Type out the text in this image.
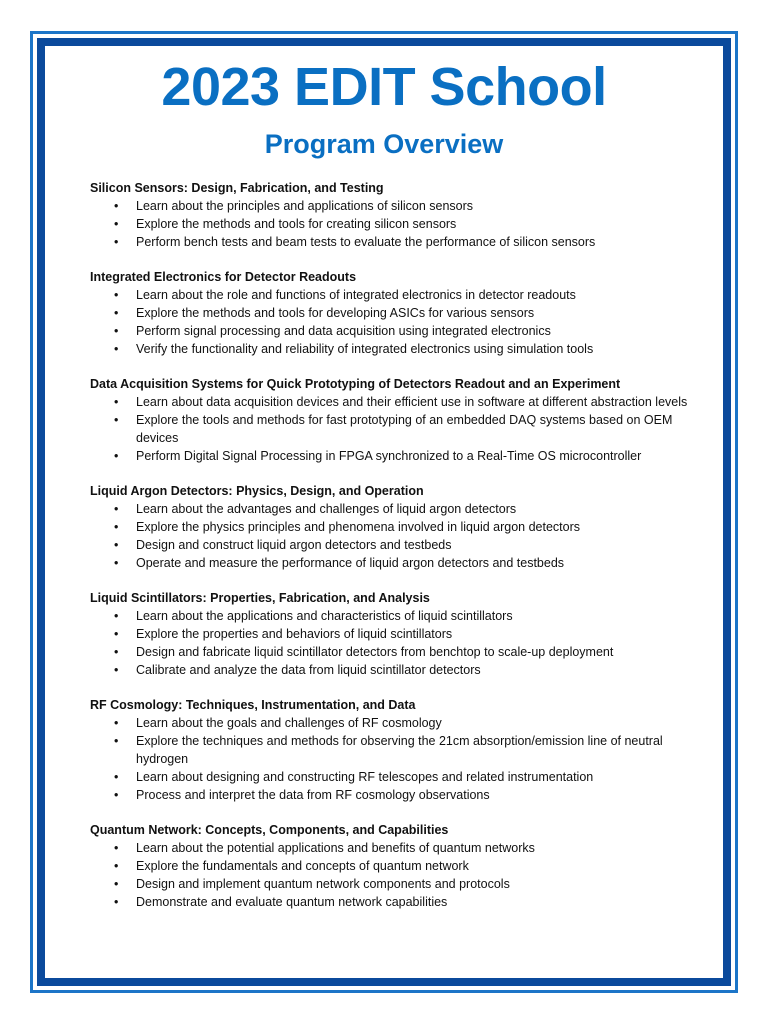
2023 EDIT School
Program Overview

Silicon Sensors: Design, Fabrication, and Testing

• Learn about the principles and applications of silicon sensors
• Explore the methods and tools for creating silicon sensors
• Perform bench tests and beam tests to evaluate the performance of silicon sensors

Integrated Electronics for Detector Readouts

• Learn about the role and functions of integrated electronics in detector readouts
• Explore the methods and tools for developing ASICs for various sensors
• Perform signal processing and data acquisition using integrated electronics
• Verify the functionality and reliability of integrated electronics using simulation tools

Data Acquisition Systems for Quick Prototyping of Detectors Readout and an Experiment

• Learn about data acquisition devices and their efficient use in software at different abstraction levels
• Explore the tools and methods for fast prototyping of an embedded DAQ systems based on OEM devices
• Perform Digital Signal Processing in FPGA synchronized to a Real-Time OS microcontroller

Liquid Argon Detectors: Physics, Design, and Operation

• Learn about the advantages and challenges of liquid argon detectors
• Explore the physics principles and phenomena involved in liquid argon detectors
• Design and construct liquid argon detectors and testbeds
• Operate and measure the performance of liquid argon detectors and testbeds

Liquid Scintillators: Properties, Fabrication, and Analysis

• Learn about the applications and characteristics of liquid scintillators
• Explore the properties and behaviors of liquid scintillators
• Design and fabricate liquid scintillator detectors from benchtop to scale-up deployment
• Calibrate and analyze the data from liquid scintillator detectors

RF Cosmology: Techniques, Instrumentation, and Data

• Learn about the goals and challenges of RF cosmology
• Explore the techniques and methods for observing the 21cm absorption/emission line of neutral hydrogen
• Learn about designing and constructing RF telescopes and related instrumentation
• Process and interpret the data from RF cosmology observations

Quantum Network: Concepts, Components, and Capabilities

• Learn about the potential applications and benefits of quantum networks
• Explore the fundamentals and concepts of quantum network
• Design and implement quantum network components and protocols
• Demonstrate and evaluate quantum network capabilities
